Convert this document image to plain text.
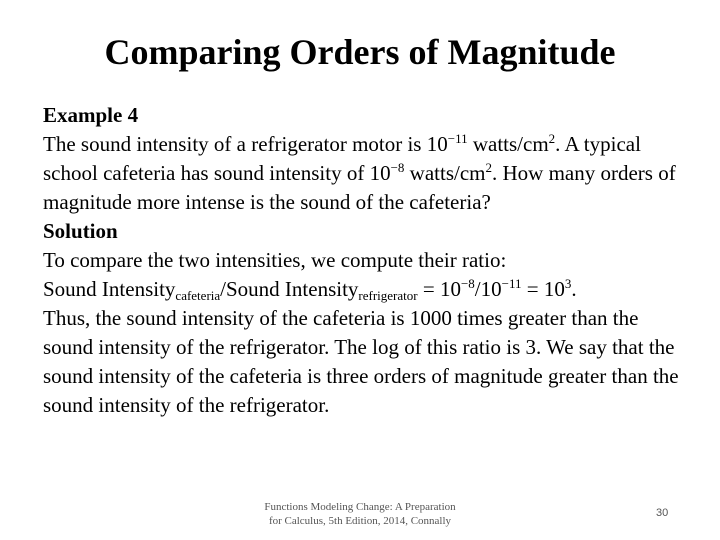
Comparing Orders of Magnitude

Example 4

The sound intensity of a refrigerator motor is $10^{-11}$ watts/$cm^2$. A typical school cafeteria has sound intensity of $10^{-8}$ watts/$cm^2$. How many orders of magnitude more intense is the sound of the cafeteria?

Solution

To compare the two intensities, we compute their ratio:

Sound Intensity$_{cafeteria}$/Sound Intensity$_{refrigerator}$ = $10^{-8}/10^{-11} = 10^3$.

Thus, the sound intensity of the cafeteria is 1000 times greater than the sound intensity of the refrigerator. The log of this ratio is 3. We say that the sound intensity of the cafeteria is three orders of magnitude greater than the sound intensity of the refrigerator.

Functions Modeling Change: A Preparation
for Calculus, 5th Edition, 2014, Connally
30
